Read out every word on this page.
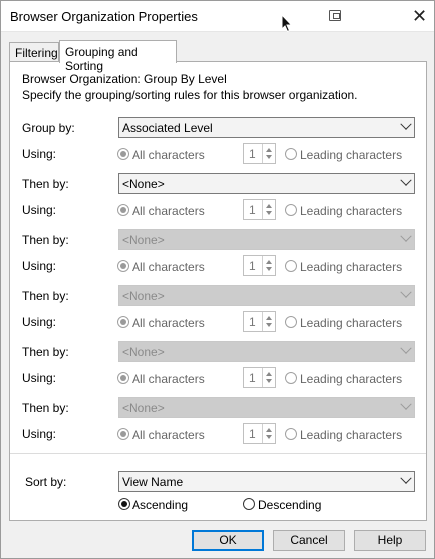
Browser Organization Properties	✕
Filtering Grouping and Sorting
Browser Organization: Group By Level
Specify the grouping/sorting rules for this browser organization.
Group by:	Associated Level
Using:	All characters	1	Leading characters
Then by:	<None>
Using:	All characters	1	Leading characters
Then by:	<None>
Using:	All characters	1	Leading characters
Then by:	<None>
Using:	All characters	1	Leading characters
Then by:	<None>
Using:	All characters	1	Leading characters
Then by:	<None>
Using:	All characters	1	Leading characters
Sort by:	View Name
Ascending	Descending
OK	Cancel	Help
